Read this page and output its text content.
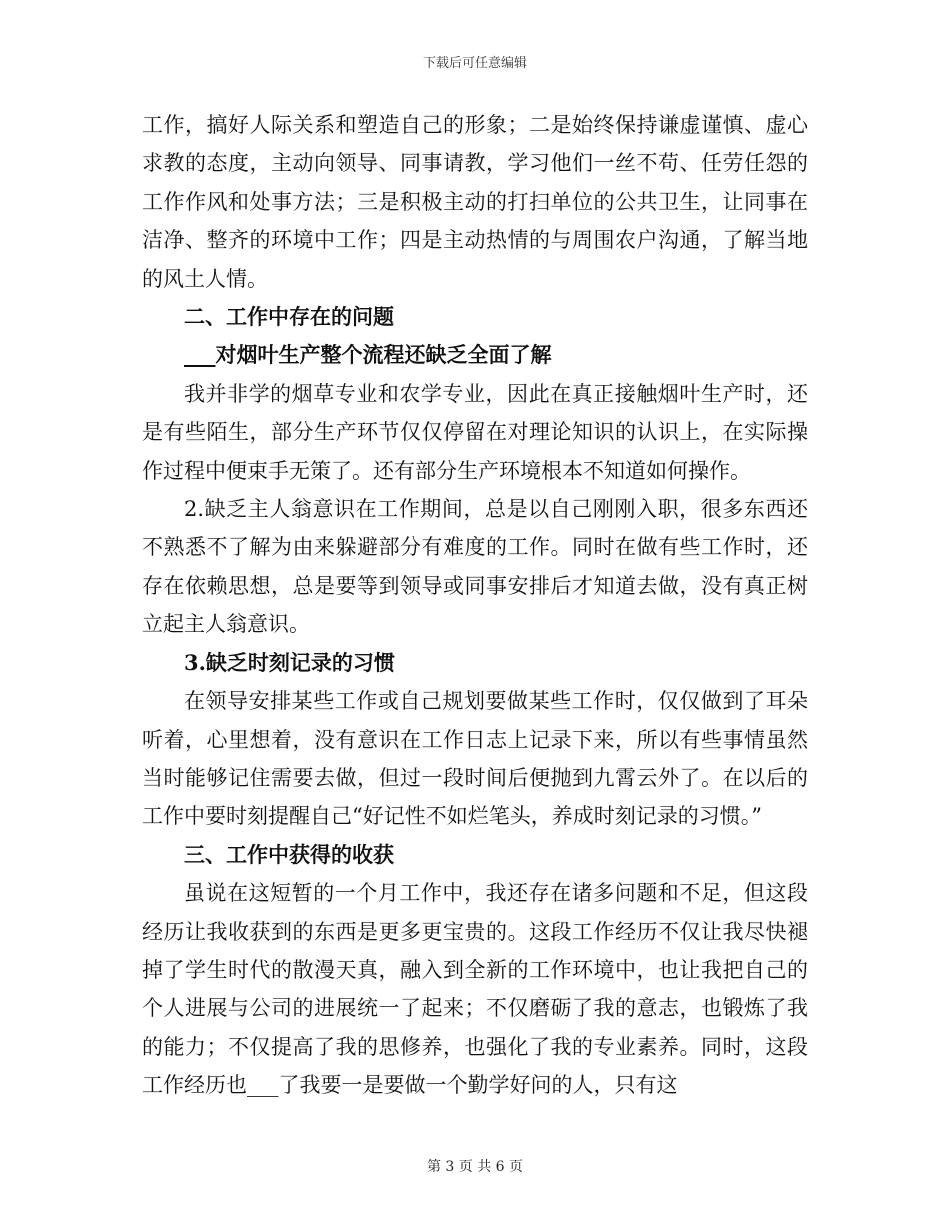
下载后可任意编辑

工作，搞好人际关系和塑造自己的形象；二是始终保持谦虚谨慎、虚心求教的态度，主动向领导、同事请教，学习他们一丝不苟、任劳任怨的工作作风和处事方法；三是积极主动的打扫单位的公共卫生，让同事在洁净、整齐的环境中工作；四是主动热情的与周围农户沟通，了解当地的风土人情。

二、工作中存在的问题

___对烟叶生产整个流程还缺乏全面了解

我并非学的烟草专业和农学专业，因此在真正接触烟叶生产时，还是有些陌生，部分生产环节仅仅停留在对理论知识的认识上，在实际操作过程中便束手无策了。还有部分生产环境根本不知道如何操作。

2.缺乏主人翁意识在工作期间，总是以自己刚刚入职，很多东西还不熟悉不了解为由来躲避部分有难度的工作。同时在做有些工作时，还存在依赖思想，总是要等到领导或同事安排后才知道去做，没有真正树立起主人翁意识。

3.缺乏时刻记录的习惯

在领导安排某些工作或自己规划要做某些工作时，仅仅做到了耳朵听着，心里想着，没有意识在工作日志上记录下来，所以有些事情虽然当时能够记住需要去做，但过一段时间后便抛到九霄云外了。在以后的工作中要时刻提醒自己“好记性不如烂笔头，养成时刻记录的习惯。”

三、工作中获得的收获

虽说在这短暂的一个月工作中，我还存在诸多问题和不足，但这段经历让我收获到的东西是更多更宝贵的。这段工作经历不仅让我尽快褪掉了学生时代的散漫天真，融入到全新的工作环境中，也让我把自己的个人进展与公司的进展统一了起来；不仅磨砺了我的意志，也锻炼了我的能力；不仅提高了我的思修养，也强化了我的专业素养。同时，这段工作经历也___了我要一是要做一个勤学好问的人，只有这

第 3 页 共 6 页
